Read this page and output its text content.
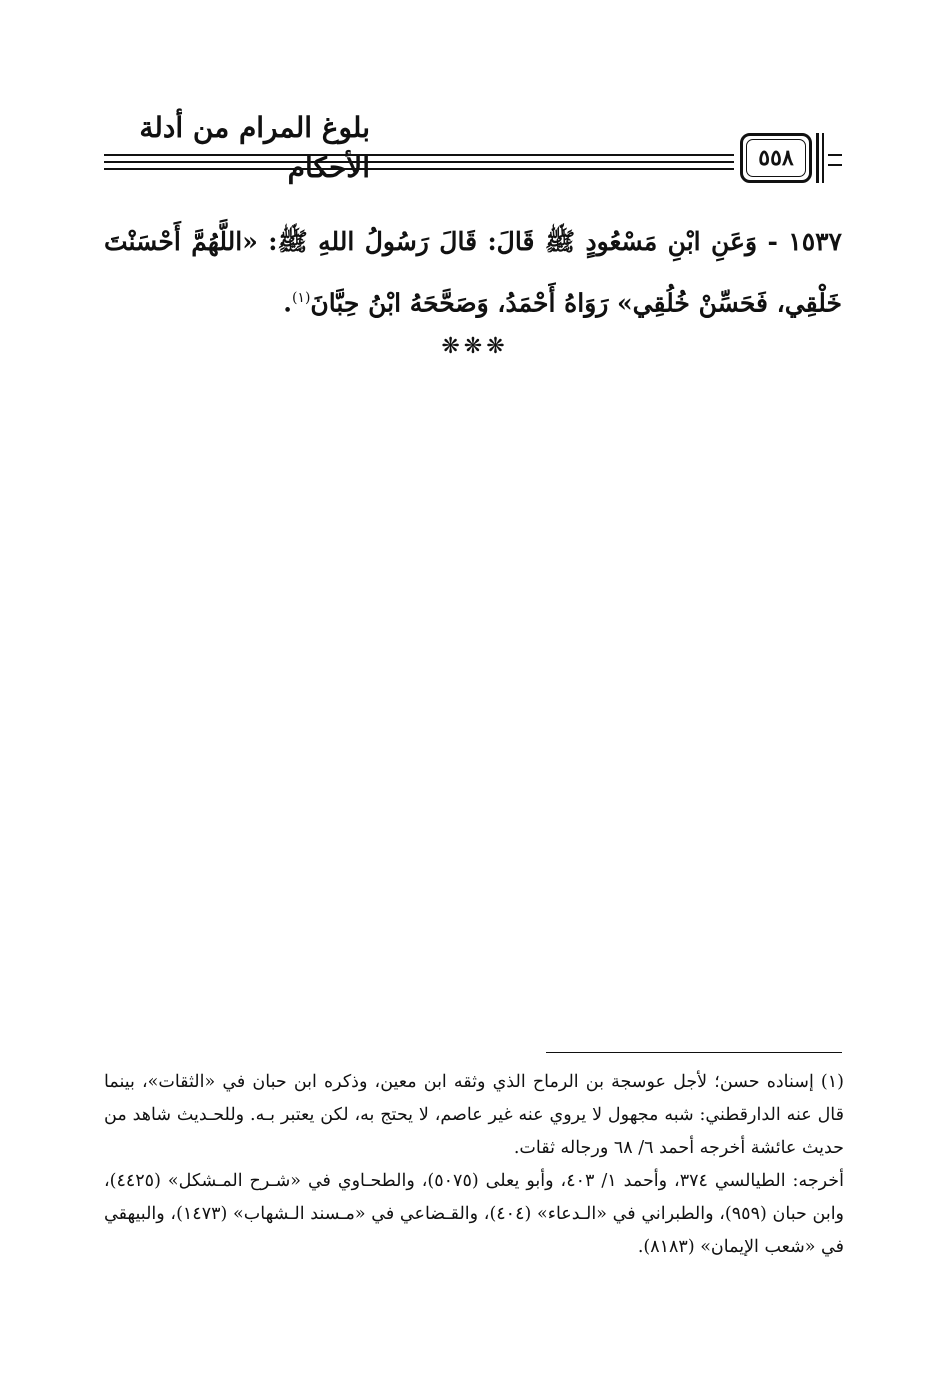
بلوغ المرام من أدلة الأحكام	٥٥٨
١٥٣٧ - وَعَنِ ابْنِ مَسْعُودٍ ﷺ قَالَ: قَالَ رَسُولُ اللهِ ﷺ: «اللَّهُمَّ أَحْسَنْتَ خَلْقِي، فَحَسِّنْ خُلُقِي» رَوَاهُ أَحْمَدُ، وَصَحَّحَهُ ابْنُ حِبَّانَ$^{(١)}$.
❋❋❋

(١) إسناده حسن؛ لأجل عوسجة بن الرماح الذي وثقه ابن معين، وذكره ابن حبان في «الثقات»، بينما قال عنه الدارقطني: شبه مجهول لا يروي عنه غير عاصم، لا يحتج به، لكن يعتبر بـه. وللحـديث شاهد من حديث عائشة أخرجه أحمد ٦/ ٦٨ ورجاله ثقات.

أخرجه: الطيالسي ٣٧٤، وأحمد ١/ ٤٠٣، وأبو يعلى (٥٠٧٥)، والطحـاوي في «شـرح المـشكل» (٤٤٢٥)، وابن حبان (٩٥٩)، والطبراني في «الـدعاء» (٤٠٤)، والقـضاعي في «مـسند الـشهاب» (١٤٧٣)، والبيهقي في «شعب الإيمان» (٨١٨٣).
